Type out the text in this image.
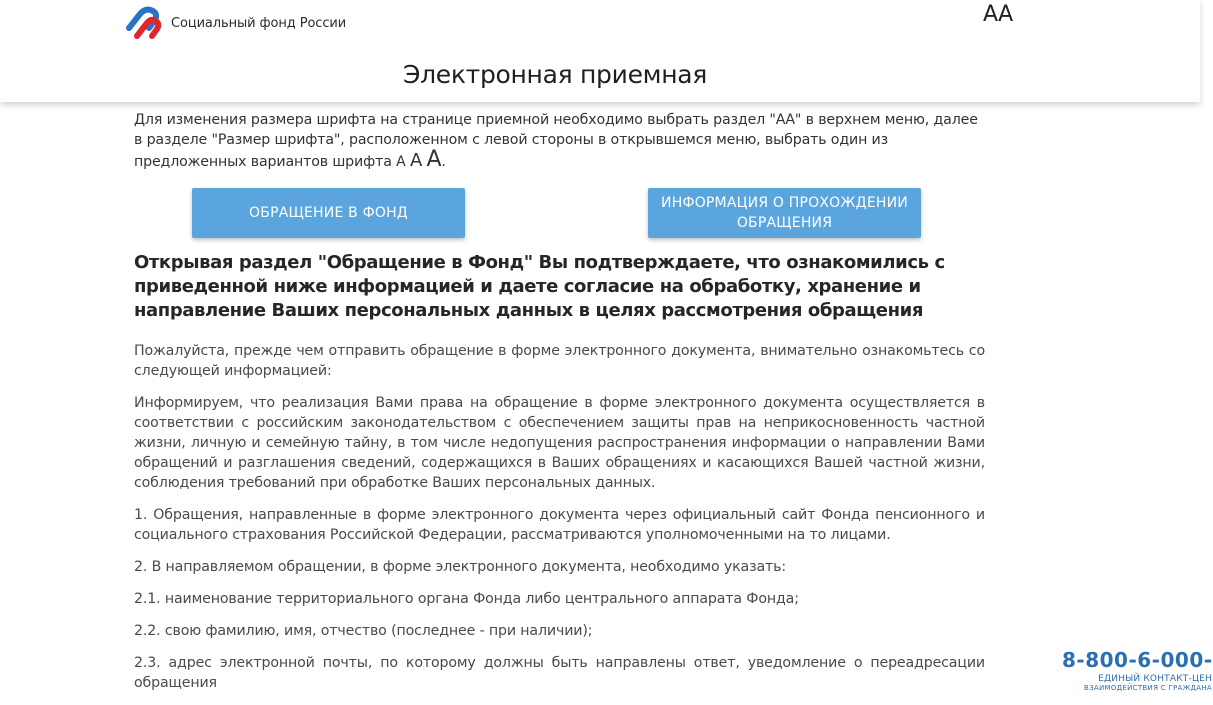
Социальный фонд России	AA
Электронная приемная

Для изменения размера шрифта на странице приемной необходимо выбрать раздел "АА" в верхнем меню, далее в разделе "Размер шрифта", расположенном с левой стороны в открывшемся меню, выбрать один из предложенных вариантов шрифта А А А.

ОБРАЩЕНИЕ В ФОНД
ИНФОРМАЦИЯ О ПРОХОЖДЕНИИ ОБРАЩЕНИЯ
Открывая раздел "Обращение в Фонд" Вы подтверждаете, что ознакомились с приведенной ниже информацией и даете согласие на обработку, хранение и направление Ваших персональных данных в целях рассмотрения обращения

Пожалуйста, прежде чем отправить обращение в форме электронного документа, внимательно ознакомьтесь со следующей информацией:

Информируем, что реализация Вами права на обращение в форме электронного документа осуществляется в соответствии с российским законодательством с обеспечением защиты прав на неприкосновенность частной жизни, личную и семейную тайну, в том числе недопущения распространения информации о направлении Вами обращений и разглашения сведений, содержащихся в Ваших обращениях и касающихся Вашей частной жизни, соблюдения требований при обработке Ваших персональных данных.

1. Обращения, направленные в форме электронного документа через официальный сайт Фонда пенсионного и социального страхования Российской Федерации, рассматриваются уполномоченными на то лицами.

2. В направляемом обращении, в форме электронного документа, необходимо указать:

2.1. наименование территориального органа Фонда либо центрального аппарата Фонда;

2.2. свою фамилию, имя, отчество (последнее - при наличии);

2.3. адрес электронной почты, по которому должны быть направлены ответ, уведомление о переадресации обращения

8-800-6-000-
ЕДИНЫЙ КОНТАКТ-ЦЕН
ВЗАИМОДЕЙСТВИЯ С ГРАЖДАНА
